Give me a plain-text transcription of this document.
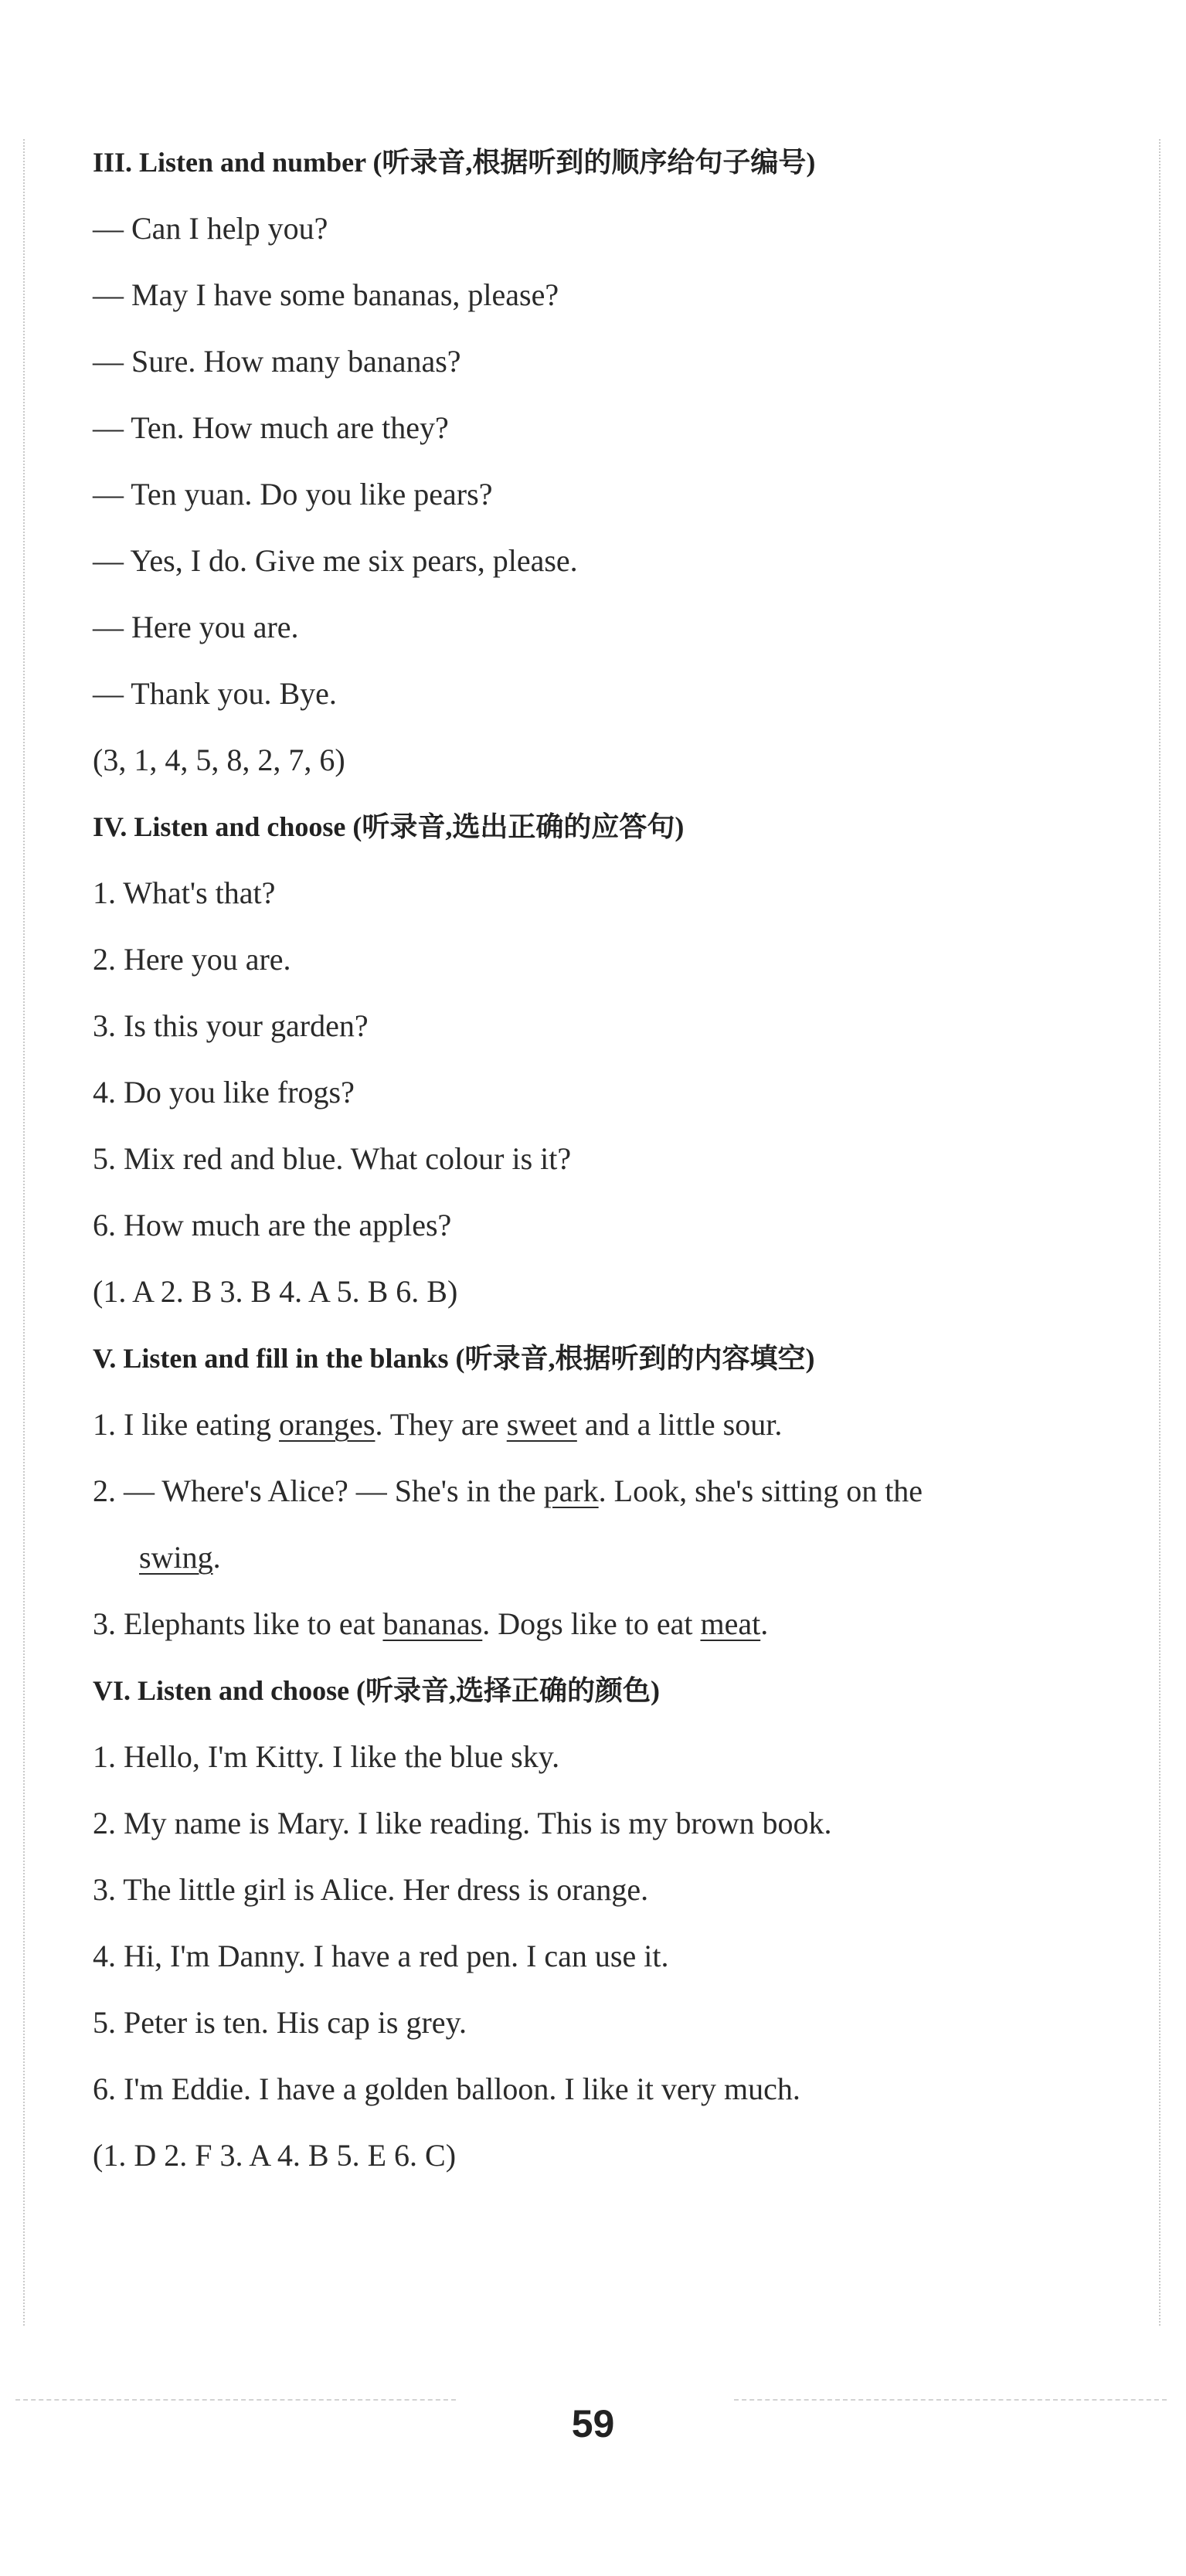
III. Listen and number (听录音,根据听到的顺序给句子编号)
— Can I help you?
— May I have some bananas, please?
— Sure. How many bananas?
— Ten. How much are they?
— Ten yuan. Do you like pears?
— Yes, I do. Give me six pears, please.
— Here you are.
— Thank you. Bye.
(3, 1, 4, 5, 8, 2, 7, 6)
IV. Listen and choose (听录音,选出正确的应答句)
1. What's that?
2. Here you are.
3. Is this your garden?
4. Do you like frogs?
5. Mix red and blue. What colour is it?
6. How much are the apples?
(1. A 2. B 3. B 4. A 5. B 6. B)
V. Listen and fill in the blanks (听录音,根据听到的内容填空)
1. I like eating oranges. They are sweet and a little sour.
2. — Where's Alice? — She's in the park. Look, she's sitting on the
swing.
3. Elephants like to eat bananas. Dogs like to eat meat.
VI. Listen and choose (听录音,选择正确的颜色)
1. Hello, I'm Kitty. I like the blue sky.
2. My name is Mary. I like reading. This is my brown book.
3. The little girl is Alice. Her dress is orange.
4. Hi, I'm Danny. I have a red pen. I can use it.
5. Peter is ten. His cap is grey.
6. I'm Eddie. I have a golden balloon. I like it very much.
(1. D 2. F 3. A 4. B 5. E 6. C)
59
